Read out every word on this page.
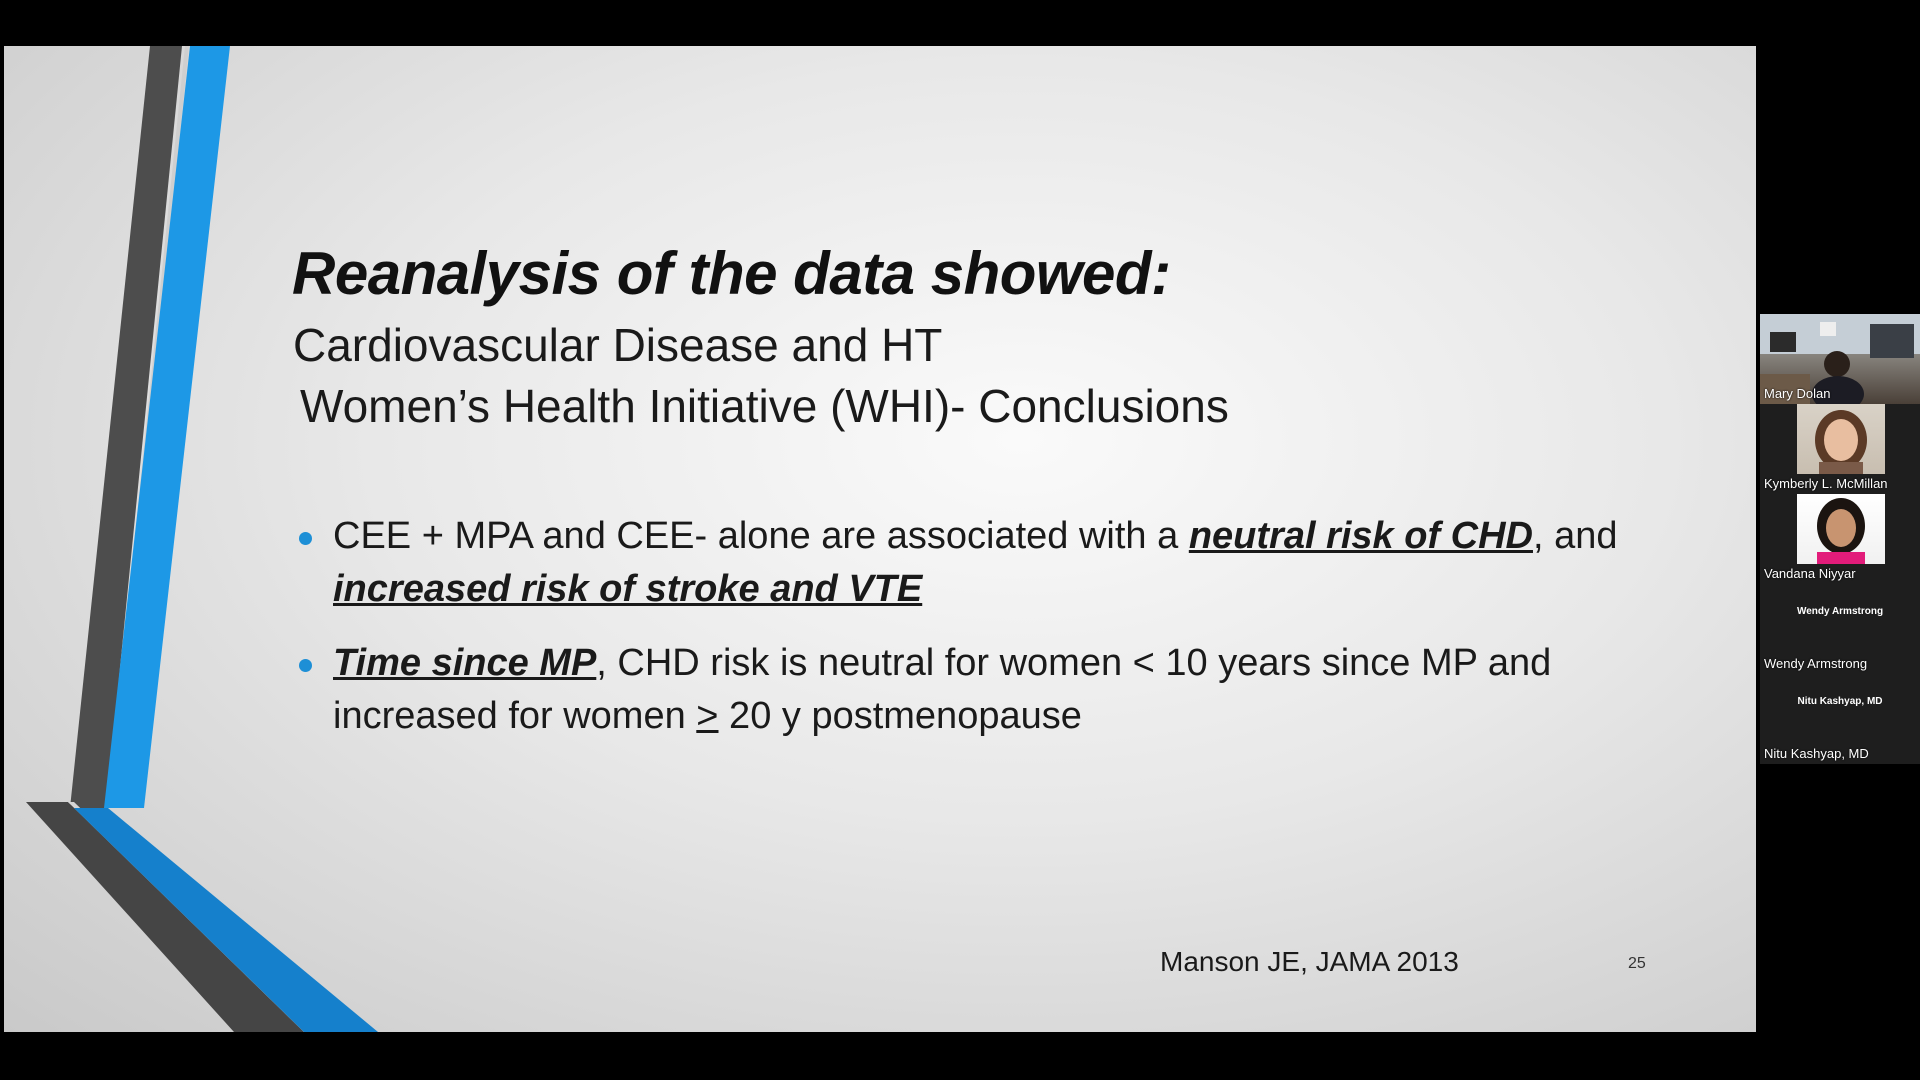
Reanalysis of the data showed:
Cardiovascular Disease and HT
Women’s Health Initiative (WHI)- Conclusions
CEE + MPA and CEE- alone are associated with a neutral risk of CHD, and increased risk of stroke and VTE
Time since MP, CHD risk is neutral for women < 10 years since MP and increased for women > 20 y postmenopause
Manson JE, JAMA 2013	25
Mary Dolan
Kymberly L. McMillan
Vandana Niyyar
Wendy Armstrong
Wendy Armstrong
Nitu Kashyap, MD
Nitu Kashyap, MD
